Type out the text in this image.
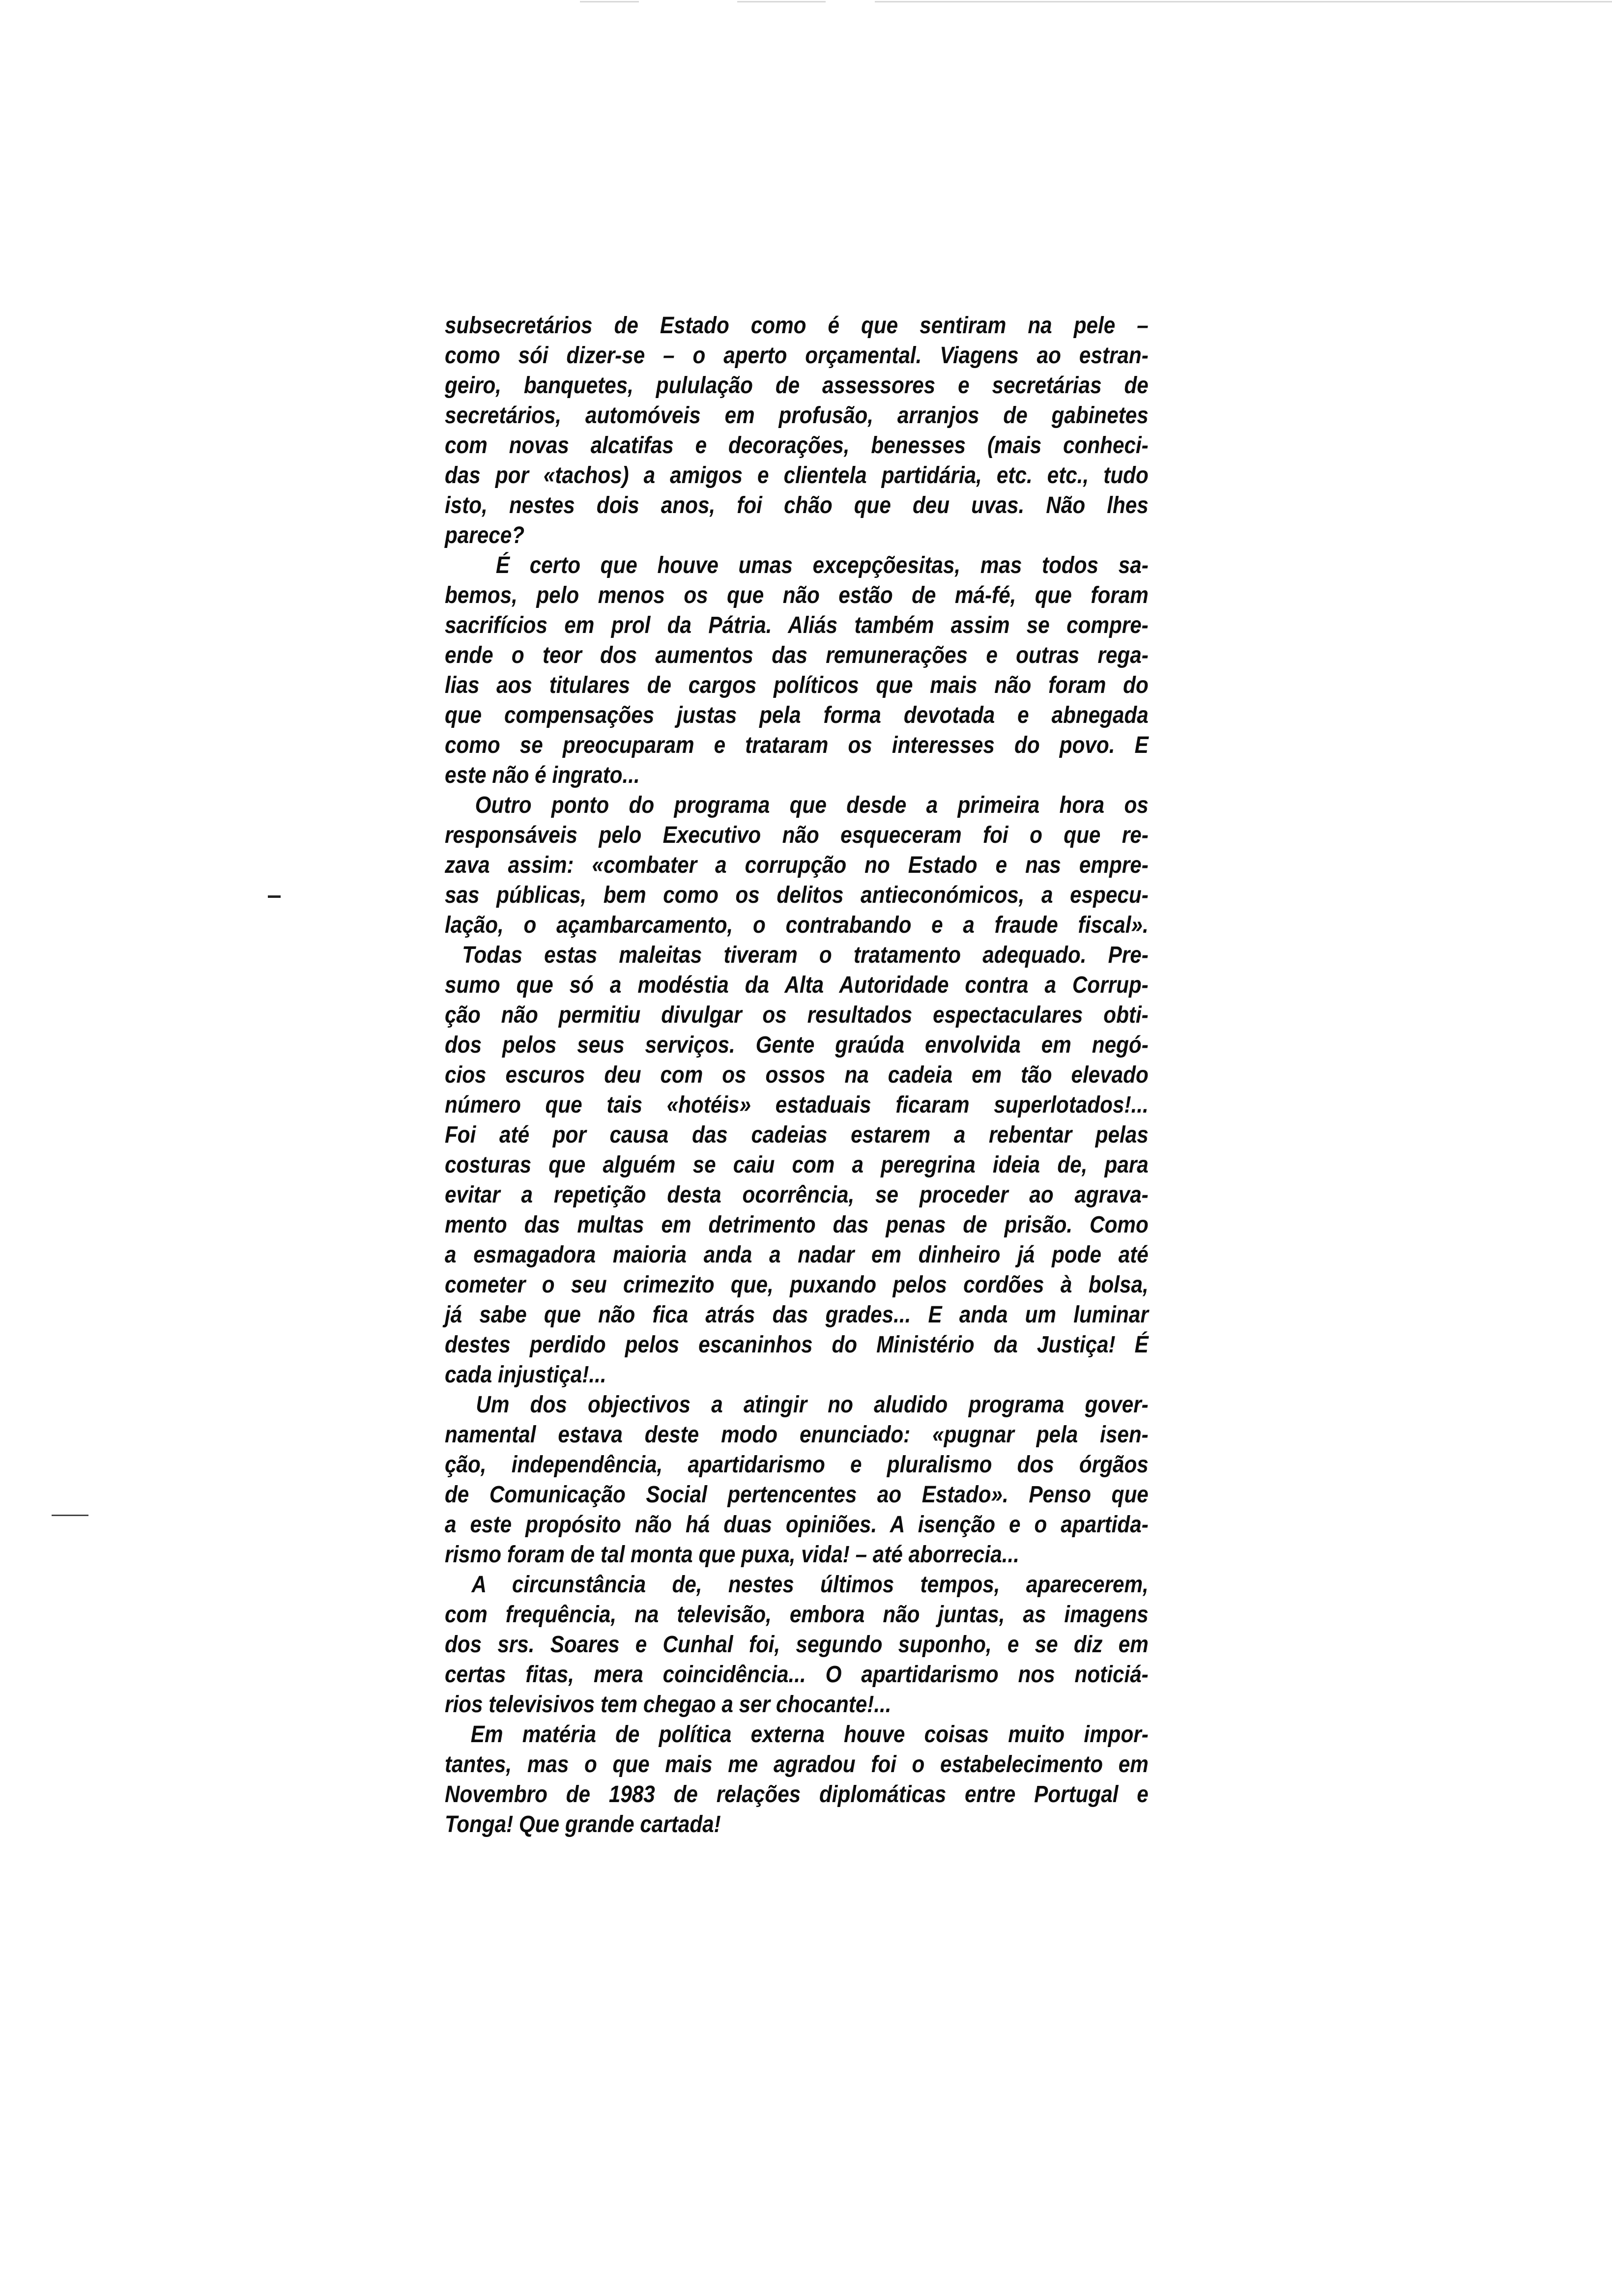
subsecretários de Estado como é que sentiram na pele –
como sói dizer-se – o aperto orçamental. Viagens ao estran-
geiro, banquetes, pululação de assessores e secretárias de
secretários, automóveis em profusão, arranjos de gabinetes
com novas alcatifas e decorações, benesses (mais conheci-
das por «tachos) a amigos e clientela partidária, etc. etc., tudo
isto, nestes dois anos, foi chão que deu uvas. Não lhes
parece?
É certo que houve umas excepçõesitas, mas todos sa-
bemos, pelo menos os que não estão de má-fé, que foram
sacrifícios em prol da Pátria. Aliás também assim se compre-
ende o teor dos aumentos das remunerações e outras rega-
lias aos titulares de cargos políticos que mais não foram do
que compensações justas pela forma devotada e abnegada
como se preocuparam e trataram os interesses do povo. E
este não é ingrato...
Outro ponto do programa que desde a primeira hora os
responsáveis pelo Executivo não esqueceram foi o que re-
zava assim: «combater a corrupção no Estado e nas empre-
sas públicas, bem como os delitos antieconómicos, a especu-
lação, o açambarcamento, o contrabando e a fraude fiscal».
Todas estas maleitas tiveram o tratamento adequado. Pre-
sumo que só a modéstia da Alta Autoridade contra a Corrup-
ção não permitiu divulgar os resultados espectaculares obti-
dos pelos seus serviços. Gente graúda envolvida em negó-
cios escuros deu com os ossos na cadeia em tão elevado
número que tais «hotéis» estaduais ficaram superlotados!...
Foi até por causa das cadeias estarem a rebentar pelas
costuras que alguém se caiu com a peregrina ideia de, para
evitar a repetição desta ocorrência, se proceder ao agrava-
mento das multas em detrimento das penas de prisão. Como
a esmagadora maioria anda a nadar em dinheiro já pode até
cometer o seu crimezito que, puxando pelos cordões à bolsa,
já sabe que não fica atrás das grades... E anda um luminar
destes perdido pelos escaninhos do Ministério da Justiça! É
cada injustiça!...
Um dos objectivos a atingir no aludido programa gover-
namental estava deste modo enunciado: «pugnar pela isen-
ção, independência, apartidarismo e pluralismo dos órgãos
de Comunicação Social pertencentes ao Estado». Penso que
a este propósito não há duas opiniões. A isenção e o apartida-
rismo foram de tal monta que puxa, vida! – até aborrecia...
A circunstância de, nestes últimos tempos, aparecerem,
com frequência, na televisão, embora não juntas, as imagens
dos srs. Soares e Cunhal foi, segundo suponho, e se diz em
certas fitas, mera coincidência... O apartidarismo nos noticiá-
rios televisivos tem chegao a ser chocante!...
Em matéria de política externa houve coisas muito impor-
tantes, mas o que mais me agradou foi o estabelecimento em
Novembro de 1983 de relações diplomáticas entre Portugal e
Tonga! Que grande cartada!
